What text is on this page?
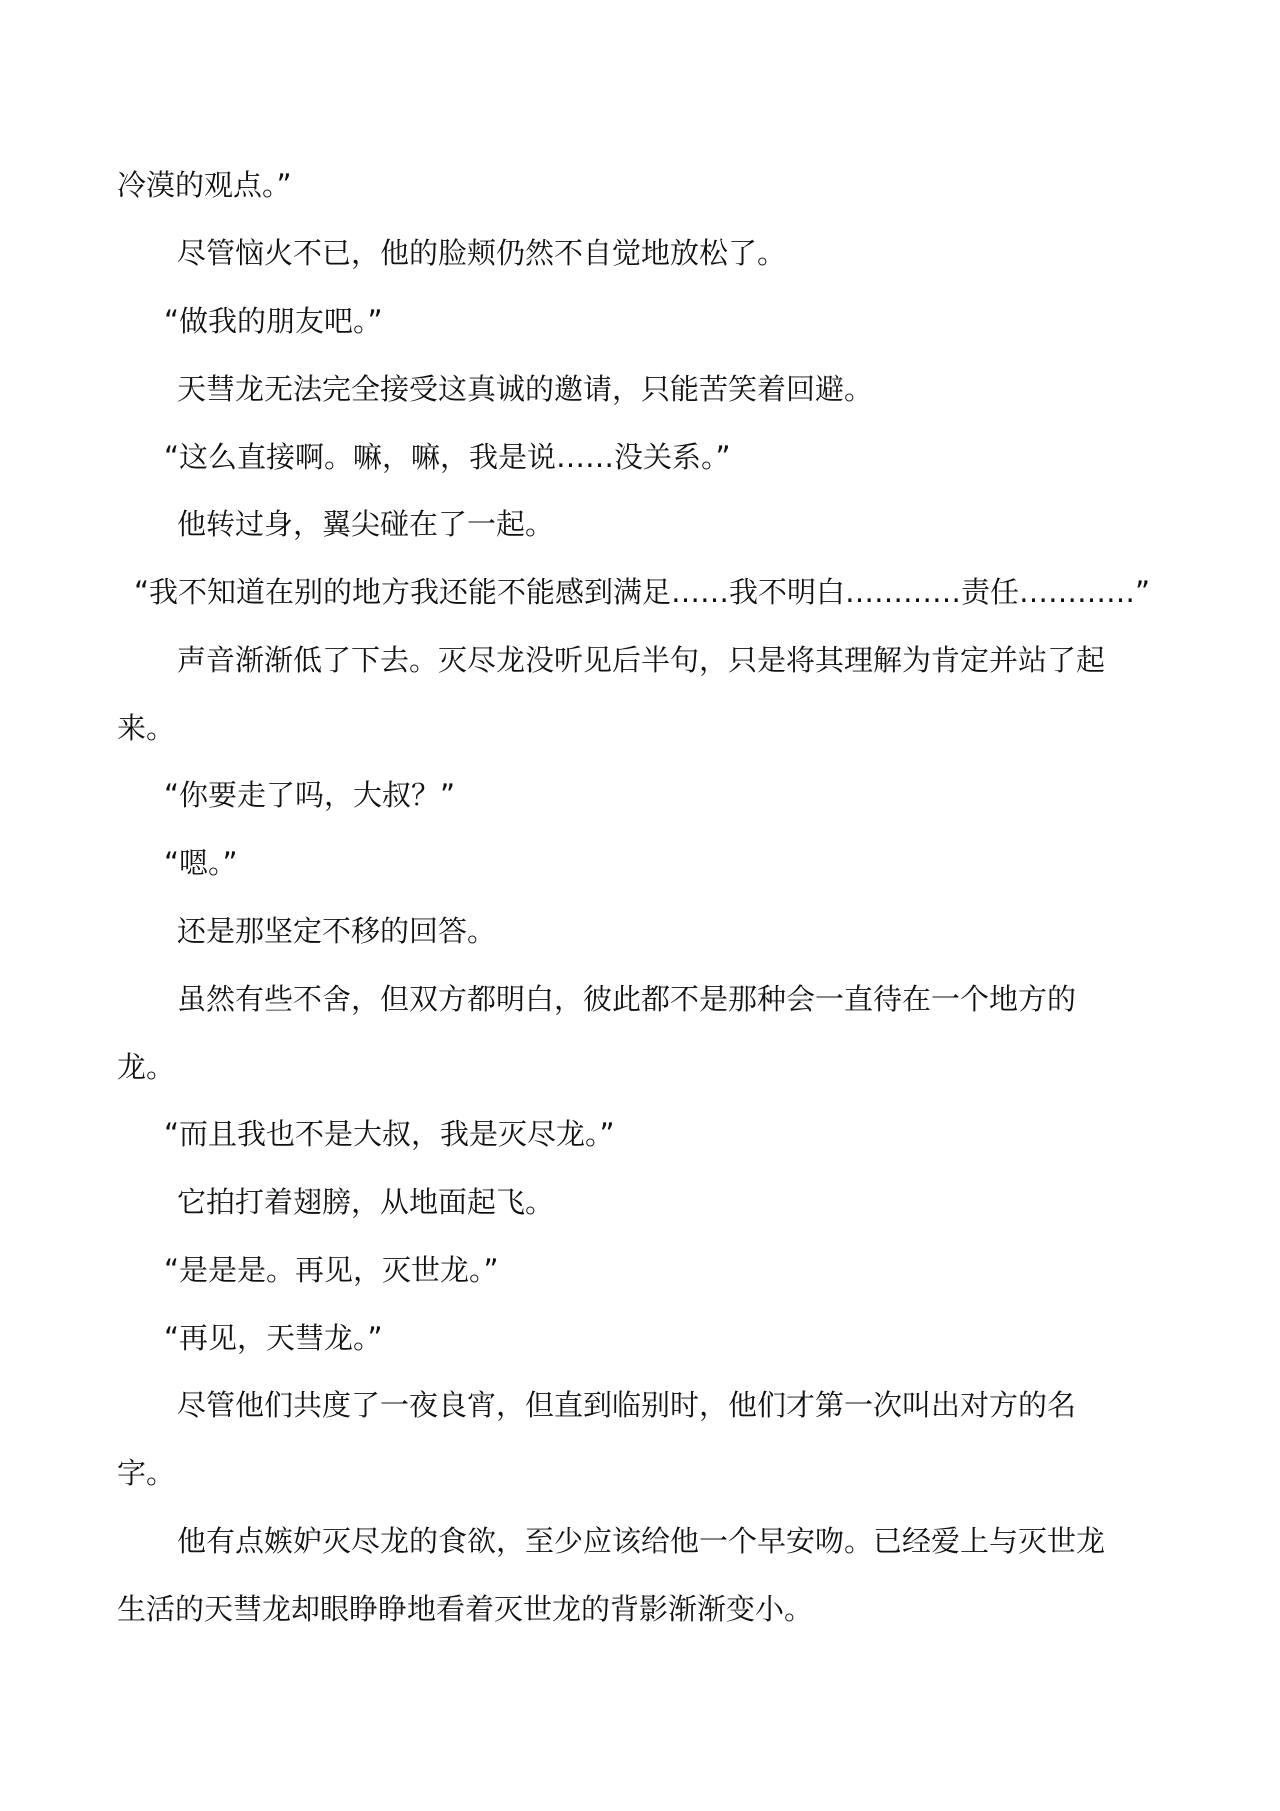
冷漠的观点。”
尽管恼火不已，他的脸颊仍然不自觉地放松了。
“做我的朋友吧。”
天彗龙无法完全接受这真诚的邀请，只能苦笑着回避。
“这么直接啊。嘛，嘛，我是说……没关系。”
他转过身，翼尖碰在了一起。
“我不知道在别的地方我还能不能感到满足……我不明白…………责任…………”
声音渐渐低了下去。灭尽龙没听见后半句，只是将其理解为肯定并站了起
来。
“你要走了吗，大叔？”
“嗯。”
还是那坚定不移的回答。
虽然有些不舍，但双方都明白，彼此都不是那种会一直待在一个地方的
龙。
“而且我也不是大叔，我是灭尽龙。”
它拍打着翅膀，从地面起飞。
“是是是。再见，灭世龙。”
“再见，天彗龙。”
尽管他们共度了一夜良宵，但直到临别时，他们才第一次叫出对方的名
字。
他有点嫉妒灭尽龙的食欲，至少应该给他一个早安吻。已经爱上与灭世龙
生活的天彗龙却眼睁睁地看着灭世龙的背影渐渐变小。
